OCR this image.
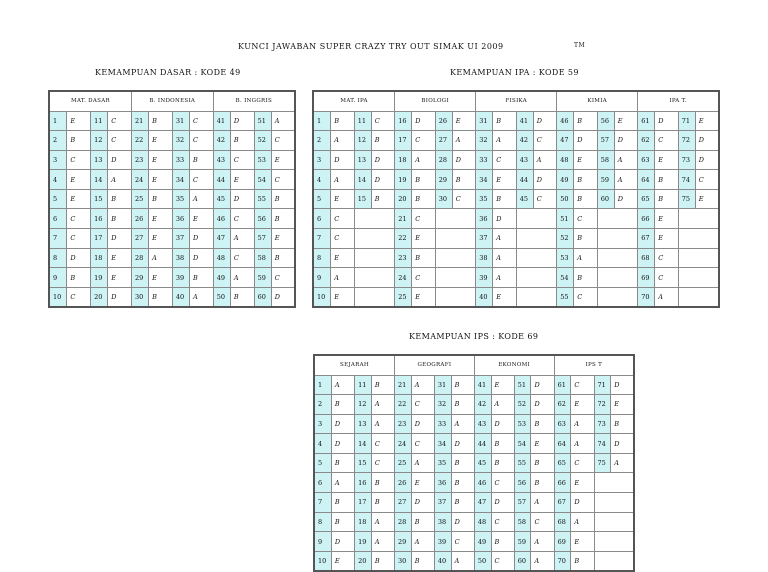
KUNCI JAWABAN SUPER CRAZY TRY OUT SIMAK UI 2009	TM
KEMAMPUAN DASAR : KODE 49	KEMAMPUAN IPA : KODE 59
KEMAMPUAN IPS : KODE 69
MAT. DASAR				B. INDONESIA				B. INGGRIS			
1	E	11	C	21	B	31	C	41	D	51	A
2	B	12	C	22	E	32	C	42	B	52	C
3	C	13	D	23	E	33	B	43	C	53	E
4	E	14	A	24	E	34	C	44	E	54	C
5	E	15	B	25	B	35	A	45	D	55	B
6	C	16	B	26	E	36	E	46	C	56	B
7	C	17	D	27	E	37	D	47	A	57	E
8	D	18	E	28	A	38	D	48	C	58	B
9	B	19	E	29	E	39	B	49	A	59	C
10	C	20	D	30	B	40	A	50	B	60	D
MAT. IPA				BIOLOGI				FISIKA				KIMIA				IPA T.			
1	B	11	C	16	D	26	E	31	B	41	D	46	B	56	E	61	D	71	E
2	A	12	B	17	C	27	A	32	A	42	C	47	D	57	D	62	C	72	D
3	D	13	D	18	A	28	D	33	C	43	A	48	E	58	A	63	E	73	D
4	A	14	D	19	B	29	B	34	E	44	D	49	B	59	A	64	B	74	C
5	E	15	B	20	B	30	C	35	B	45	C	50	B	60	D	65	B	75	E
6	C			21	C			36	D			51	C			66	E		
7	C			22	E			37	A			52	B			67	E		
8	E			23	B			38	A			53	A			68	C		
9	A			24	C			39	A			54	B			69	C		
10	E			25	E			40	E			55	C			70	A		
SEJARAH				GEOGRAFI				EKONOMI				IPS T			
1	A	11	B	21	A	31	B	41	E	51	D	61	C	71	D
2	B	12	A	22	C	32	B	42	A	52	D	62	E	72	E
3	D	13	A	23	D	33	A	43	D	53	B	63	A	73	B
4	D	14	C	24	C	34	D	44	B	54	E	64	A	74	D
5	B	15	C	25	A	35	B	45	B	55	B	65	C	75	A
6	A	16	B	26	E	36	B	46	C	56	B	66	E		
7	B	17	B	27	D	37	B	47	D	57	A	67	D		
8	B	18	A	28	B	38	D	48	C	58	C	68	A		
9	D	19	A	29	A	39	C	49	B	59	A	69	E		
10	E	20	B	30	B	40	A	50	C	60	A	70	B		
